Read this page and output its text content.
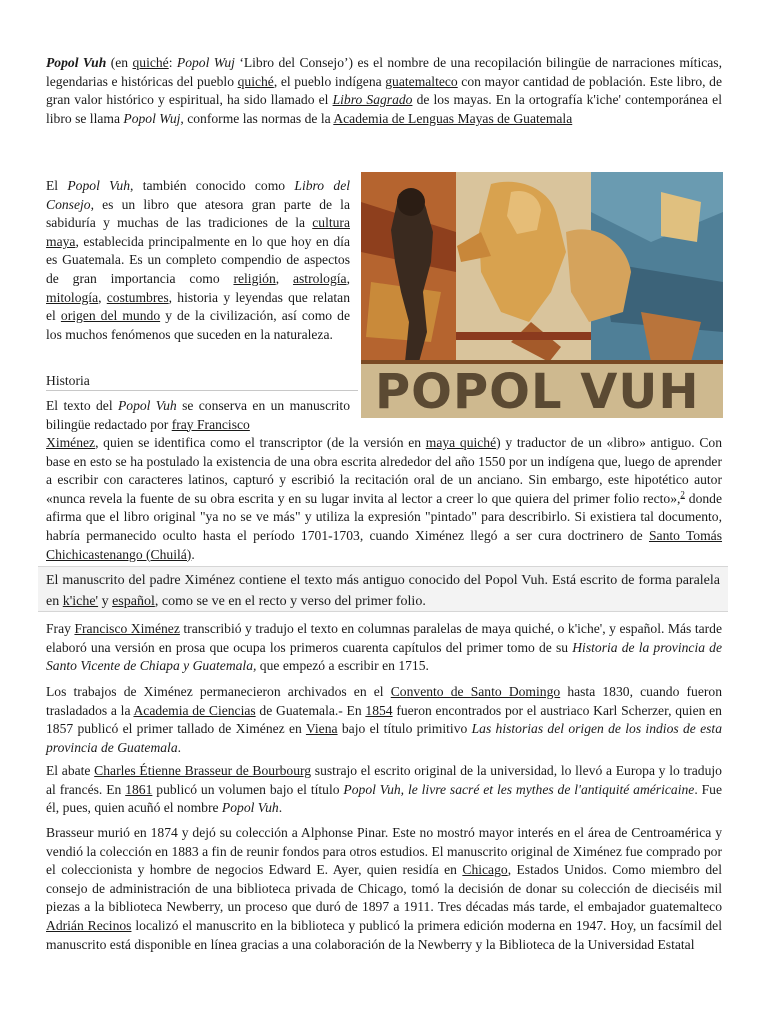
Popol Vuh (en quiché: Popol Wuj ‘Libro del Consejo’) es el nombre de una recopilación bilingüe de narraciones míticas, legendarias e históricas del pueblo quiché, el pueblo indígena guatemalteco con mayor cantidad de población. Este libro, de gran valor histórico y espiritual, ha sido llamado el Libro Sagrado de los mayas. En la ortografía k'iche' contemporánea el libro se llama Popol Wuj, conforme las normas de la Academia de Lenguas Mayas de Guatemala

El Popol Vuh, también conocido como Libro del Consejo, es un libro que atesora gran parte de la sabiduría y muchas de las tradiciones de la cultura maya, establecida principalmente en lo que hoy en día es Guatemala. Es un completo compendio de aspectos de gran importancia como religión, astrología, mitología, costumbres, historia y leyendas que relatan el origen del mundo y de la civilización, así como de los muchos fenómenos que suceden en la naturaleza.

POPOL VUH
Historia

El texto del Popol Vuh se conserva en un manuscrito bilingüe redactado por fray Francisco

Ximénez, quien se identifica como el transcriptor (de la versión en maya quiché) y traductor de un «libro» antiguo. Con base en esto se ha postulado la existencia de una obra escrita alrededor del año 1550 por un indígena que, luego de aprender a escribir con caracteres latinos, capturó y escribió la recitación oral de un anciano. Sin embargo, este hipotético autor «nunca revela la fuente de su obra escrita y en su lugar invita al lector a creer lo que quiera del primer folio recto»,$^2$ donde afirma que el libro original "ya no se ve más" y utiliza la expresión "pintado" para describirlo. Si existiera tal documento, habría permanecido oculto hasta el período 1701-1703, cuando Ximénez llegó a ser cura doctrinero de Santo Tomás Chichicastenango (Chuilá).

El manuscrito del padre Ximénez contiene el texto más antiguo conocido del Popol Vuh. Está escrito de forma paralela en k'iche' y español, como se ve en el recto y verso del primer folio.

Fray Francisco Ximénez transcribió y tradujo el texto en columnas paralelas de maya quiché, o k'iche', y español. Más tarde elaboró una versión en prosa que ocupa los primeros cuarenta capítulos del primer tomo de su Historia de la provincia de Santo Vicente de Chiapa y Guatemala, que empezó a escribir en 1715.

Los trabajos de Ximénez permanecieron archivados en el Convento de Santo Domingo hasta 1830, cuando fueron trasladados a la Academia de Ciencias de Guatemala.- En 1854 fueron encontrados por el austriaco Karl Scherzer, quien en 1857 publicó el primer tallado de Ximénez en Viena bajo el título primitivo Las historias del origen de los indios de esta provincia de Guatemala.

El abate Charles Étienne Brasseur de Bourbourg sustrajo el escrito original de la universidad, lo llevó a Europa y lo tradujo al francés. En 1861 publicó un volumen bajo el título Popol Vuh, le livre sacré et les mythes de l'antiquité américaine. Fue él, pues, quien acuñó el nombre Popol Vuh.

Brasseur murió en 1874 y dejó su colección a Alphonse Pinar. Este no mostró mayor interés en el área de Centroamérica y vendió la colección en 1883 a fin de reunir fondos para otros estudios. El manuscrito original de Ximénez fue comprado por el coleccionista y hombre de negocios Edward E. Ayer, quien residía en Chicago, Estados Unidos. Como miembro del consejo de administración de una biblioteca privada de Chicago, tomó la decisión de donar su colección de dieciséis mil piezas a la biblioteca Newberry, un proceso que duró de 1897 a 1911. Tres décadas más tarde, el embajador guatemalteco Adrián Recinos localizó el manuscrito en la biblioteca y publicó la primera edición moderna en 1947. Hoy, un facsímil del manuscrito está disponible en línea gracias a una colaboración de la Newberry y la Biblioteca de la Universidad Estatal
